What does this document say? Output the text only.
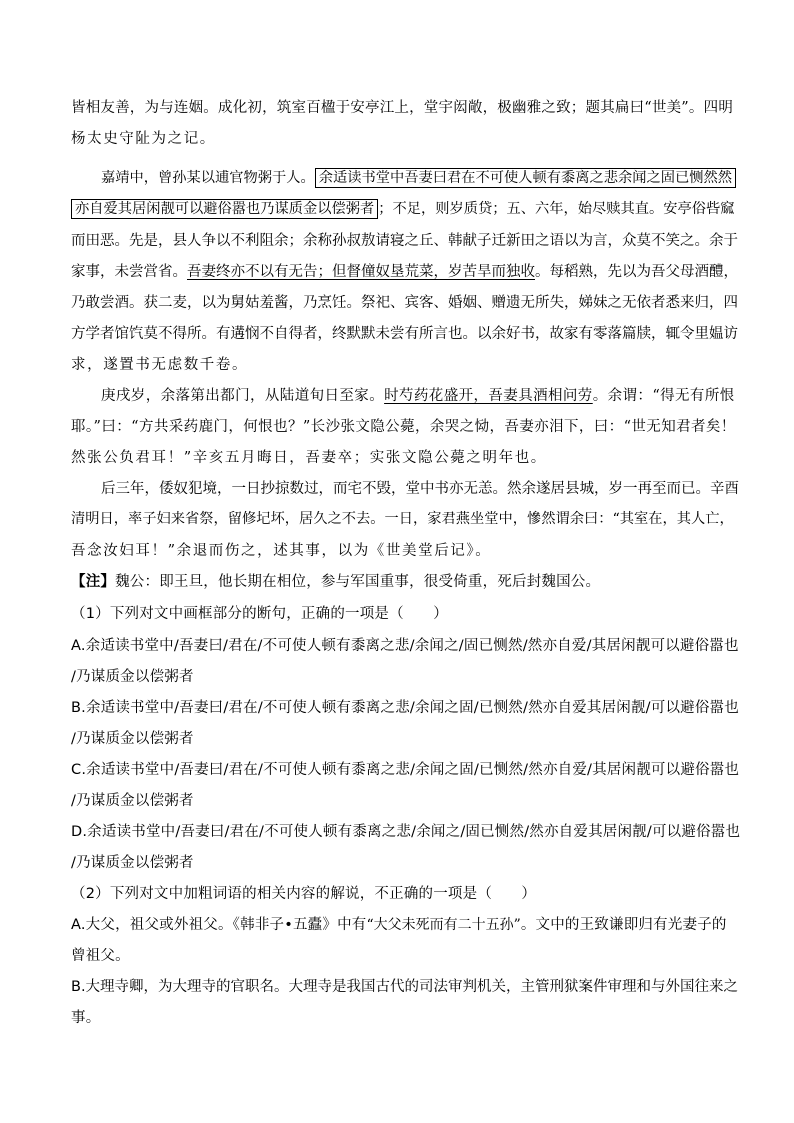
皆相友善，为与连姻。成化初，筑室百楹于安亭江上，堂宇闳敞，极幽雅之致；题其扁曰“世美”。四明
杨太史守阯为之记。
嘉靖中，曾孙某以逋官物粥于人。 余适读书堂中吾妻曰君在不可使人顿有黍离之悲余闻之固已恻然然
亦自爱其居闲靓可以避俗嚣也乃谋质金以偿粥者 ；不足，则岁质贷；五、六年，始尽赎其直。安亭俗呰窳
而田恶。先是，县人争以不利阻余；余称孙叔敖请寝之丘、韩献子迁新田之语以为言，众莫不笑之。余于
家事，未尝営省。吾妻终亦不以有无告；但督僮奴垦荒菜，岁苦旱而独收。每稻熟，先以为吾父母酒醴，
乃敢尝酒。获二麦，以为舅姑羞酱，乃烹饪。祭祀、宾客、婚姻、赠遗无所失，娣妹之无依者悉来归，四
方学者馆饩莫不得所。有遘悯不自得者，终默默未尝有所言也。以余好书，故家有零落篇牍，辄令里媪访
求，遂置书无虑数千卷。
庚戌岁，余落第出都门，从陆道旬日至家。时芍药花盛开，吾妻具酒相问劳。余谓：“得无有所恨
耶。”曰：“方共采药鹿门，何恨也？”长沙张文隐公薨，余哭之恸，吾妻亦泪下，曰：“世无知君者矣！
然张公负君耳！”辛亥五月晦日，吾妻卒；实张文隐公薨之明年也。
后三年，倭奴犯境，一日抄掠数过，而宅不毁，堂中书亦无恙。然余遂居县城，岁一再至而已。辛酉
清明日，率子妇来省祭，留修圮坏，居久之不去。一日，家君燕坐堂中，慘然谓余曰：“其室在，其人亡，
吾念汝妇耳！”余退而伤之，述其事，以为《世美堂后记》。
【注】魏公：即王旦，他长期在相位，参与军国重事，很受倚重，死后封魏国公。
（1）下列对文中画框部分的断句，正确的一项是（　　）
A.余适读书堂中/吾妻曰/君在/不可使人顿有黍离之悲/余闻之/固已恻然/然亦自爱/其居闲靓可以避俗嚣也
/乃谋质金以偿粥者
B.余适读书堂中/吾妻曰/君在/不可使人顿有黍离之悲/余闻之固/已恻然/然亦自爱其居闲靓/可以避俗嚣也
/乃谋质金以偿粥者
C.余适读书堂中/吾妻曰/君在/不可使人顿有黍离之悲/余闻之固/已恻然/然亦自爱/其居闲靓可以避俗嚣也
/乃谋质金以偿粥者
D.余适读书堂中/吾妻曰/君在/不可使人顿有黍离之悲/余闻之/固已恻然/然亦自爱其居闲靓/可以避俗嚣也
/乃谋质金以偿粥者
（2）下列对文中加粗词语的相关内容的解说，不正确的一项是（　　）
A.大父，祖父或外祖父。《韩非子•五蠹》中有“大父未死而有二十五孙”。文中的王致谦即归有光妻子的
曾祖父。
B.大理寺卿，为大理寺的官职名。大理寺是我国古代的司法审判机关，主管刑狱案件审理和与外国往来之
事。
